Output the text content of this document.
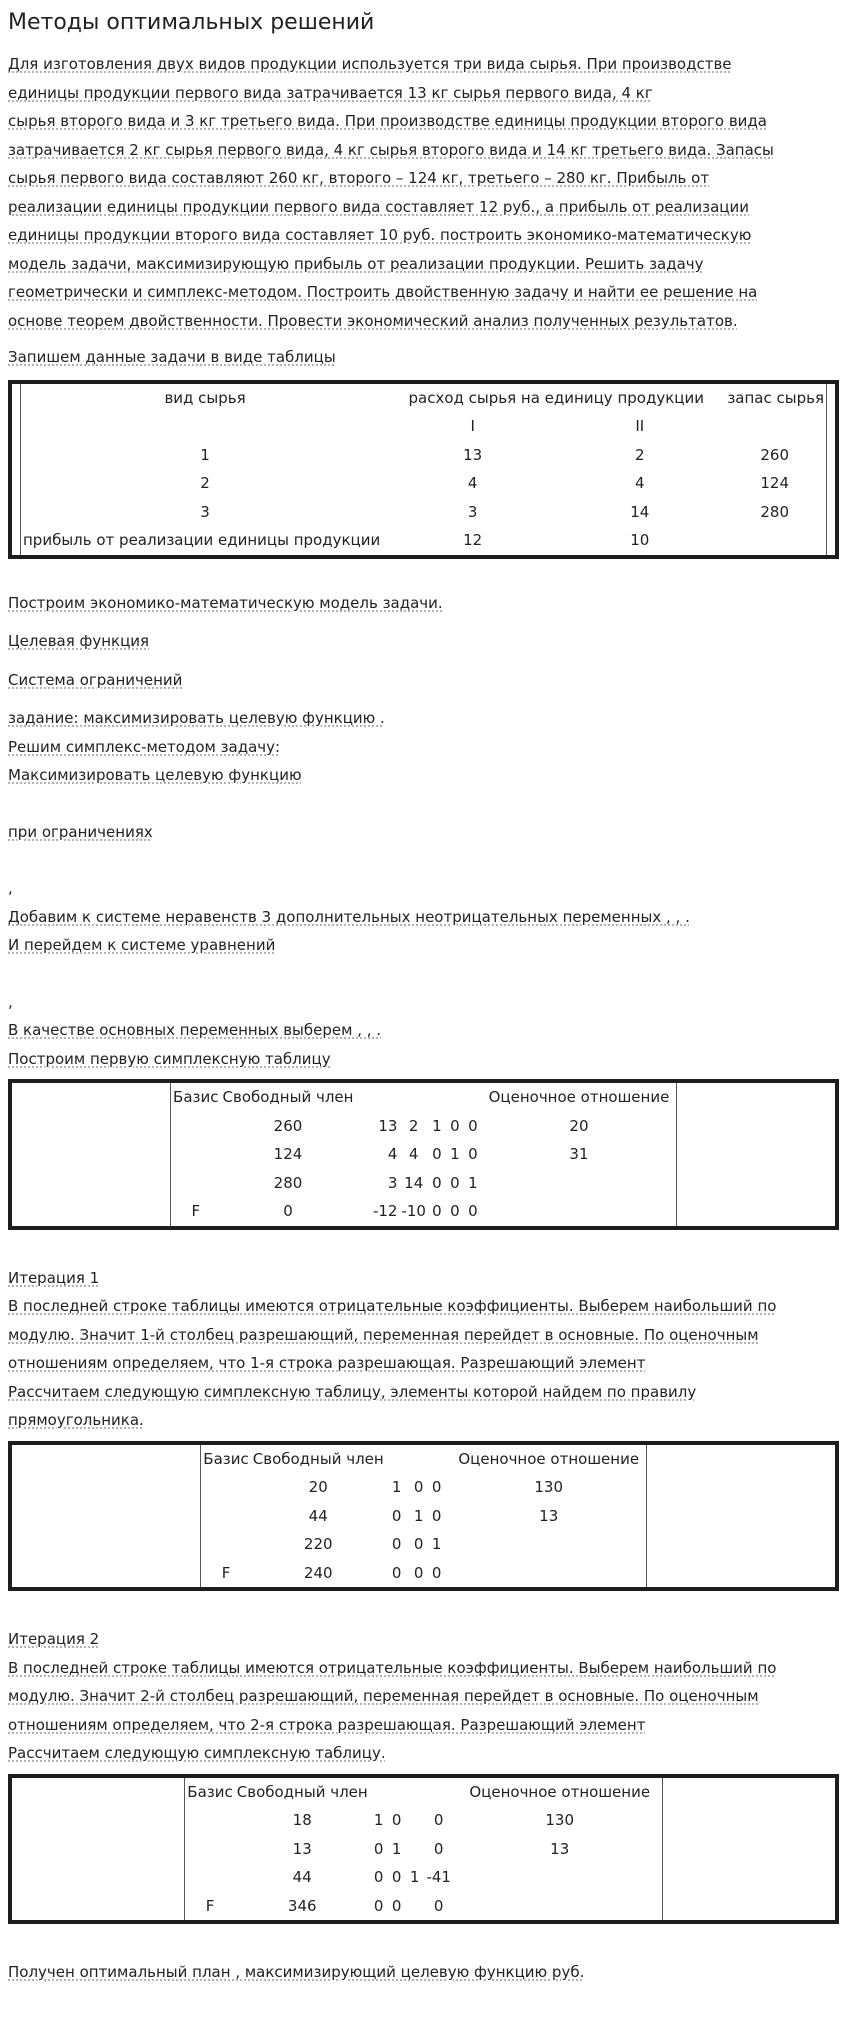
Методы оптимальных решений

Для изготовления двух видов продукции используется три вида сырья. При производстве

единицы продукции первого вида затрачивается 13 кг сырья первого вида, 4 кг

сырья второго вида и 3 кг третьего вида. При производстве единицы продукции второго вида

затрачивается 2 кг сырья первого вида, 4 кг сырья второго вида и 14 кг третьего вида. Запасы

сырья первого вида составляют 260 кг, второго – 124 кг, третьего – 280 кг. Прибыль от

реализации единицы продукции первого вида составляет 12 руб., а прибыль от реализации

единицы продукции второго вида составляет 10 руб. построить экономико-математическую

модель задачи, максимизирующую прибыль от реализации продукции. Решить задачу

геометрически и симплекс-методом. Построить двойственную задачу и найти ее решение на

основе теорем двойственности. Провести экономический анализ полученных результатов.

Запишем данные задачи в виде таблицы

вид сырья	расход сырья на единицу продукции		запас сырья
	I	II	
1	13	2	260
2	4	4	124
3	3	14	280
прибыль от реализации единицы продукции	12	10	

Построим экономико-математическую модель задачи.

Целевая функция

Система ограничений

задание: максимизировать целевую функцию .

Решим симплекс-методом задачу:

Максимизировать целевую функцию

при ограничениях

,

Добавим к системе неравенств 3 дополнительных неотрицательных переменных , , .

И перейдем к системе уравнений

,

В качестве основных переменных выберем , , .

Построим первую симплексную таблицу

Базис	Свободный член						Оценочное отношение
	260	13	2	1	0	0	20
	124	4	4	0	1	0	31
	280	3	14	0	0	1	
F	0	-12	-10	0	0	0	

Итерация 1

В последней строке таблицы имеются отрицательные коэффициенты. Выберем наибольший по

модулю. Значит 1-й столбец разрешающий, переменная перейдет в основные. По оценочным

отношениям определяем, что 1-я строка разрешающая. Разрешающий элемент

Рассчитаем следующую симплексную таблицу, элементы которой найдем по правилу

прямоугольника.

Базис	Свободный член						Оценочное отношение
	20	1		0	0		130
	44	0		1	0		13
	220	0		0	1		
F	240	0		0	0		

Итерация 2

В последней строке таблицы имеются отрицательные коэффициенты. Выберем наибольший по

модулю. Значит 2-й столбец разрешающий, переменная перейдет в основные. По оценочным

отношениям определяем, что 2-я строка разрешающая. Разрешающий элемент

Рассчитаем следующую симплексную таблицу.

Базис	Свободный член						Оценочное отношение
	18	1	0		0		130
	13	0	1		0		13
	44	0	0	1	-41		
F	346	0	0		0		

Получен оптимальный план , максимизирующий целевую функцию руб.
